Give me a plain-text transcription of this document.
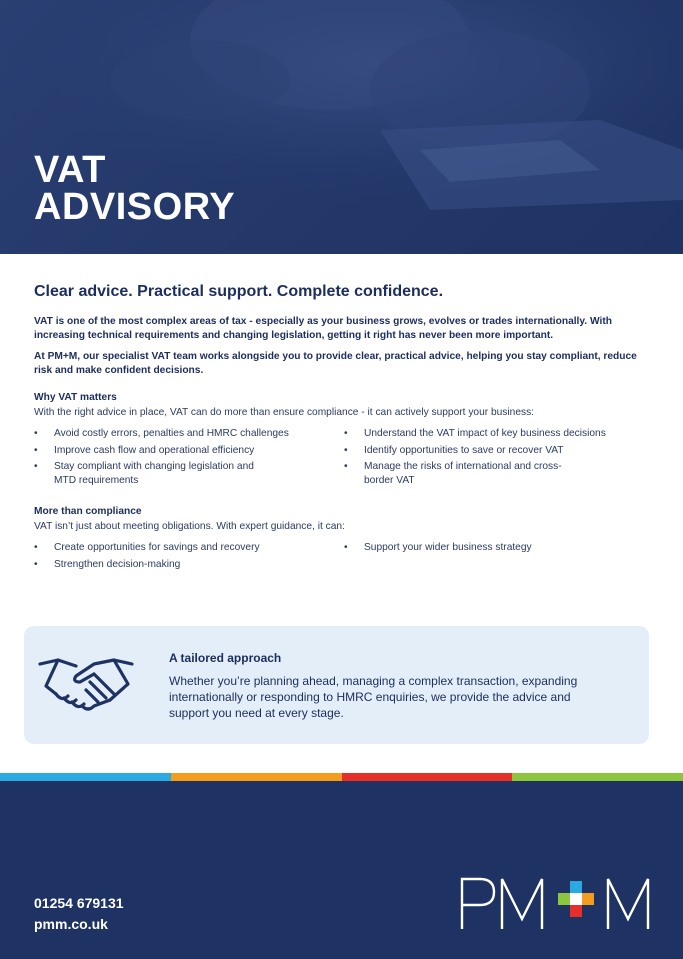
VAT
ADVISORY
Clear advice. Practical support. Complete confidence.

VAT is one of the most complex areas of tax - especially as your business grows, evolves or trades internationally. With increasing technical requirements and changing legislation, getting it right has never been more important.

At PM+M, our specialist VAT team works alongside you to provide clear, practical advice, helping you stay compliant, reduce risk and make confident decisions.

Why VAT matters
With the right advice in place, VAT can do more than ensure compliance - it can actively support your business:
• Avoid costly errors, penalties and HMRC challenges
• Improve cash flow and operational efficiency
• Stay compliant with changing legislation and MTD requirements
• Understand the VAT impact of key business decisions
• Identify opportunities to save or recover VAT
• Manage the risks of international and cross-border VAT
More than compliance
VAT isn’t just about meeting obligations. With expert guidance, it can:
• Create opportunities for savings and recovery
• Strengthen decision-making
• Support your wider business strategy
A tailored approach
Whether you’re planning ahead, managing a complex transaction, expanding internationally or responding to HMRC enquiries, we provide the advice and support you need at every stage.
01254 679131
pmm.co.uk
